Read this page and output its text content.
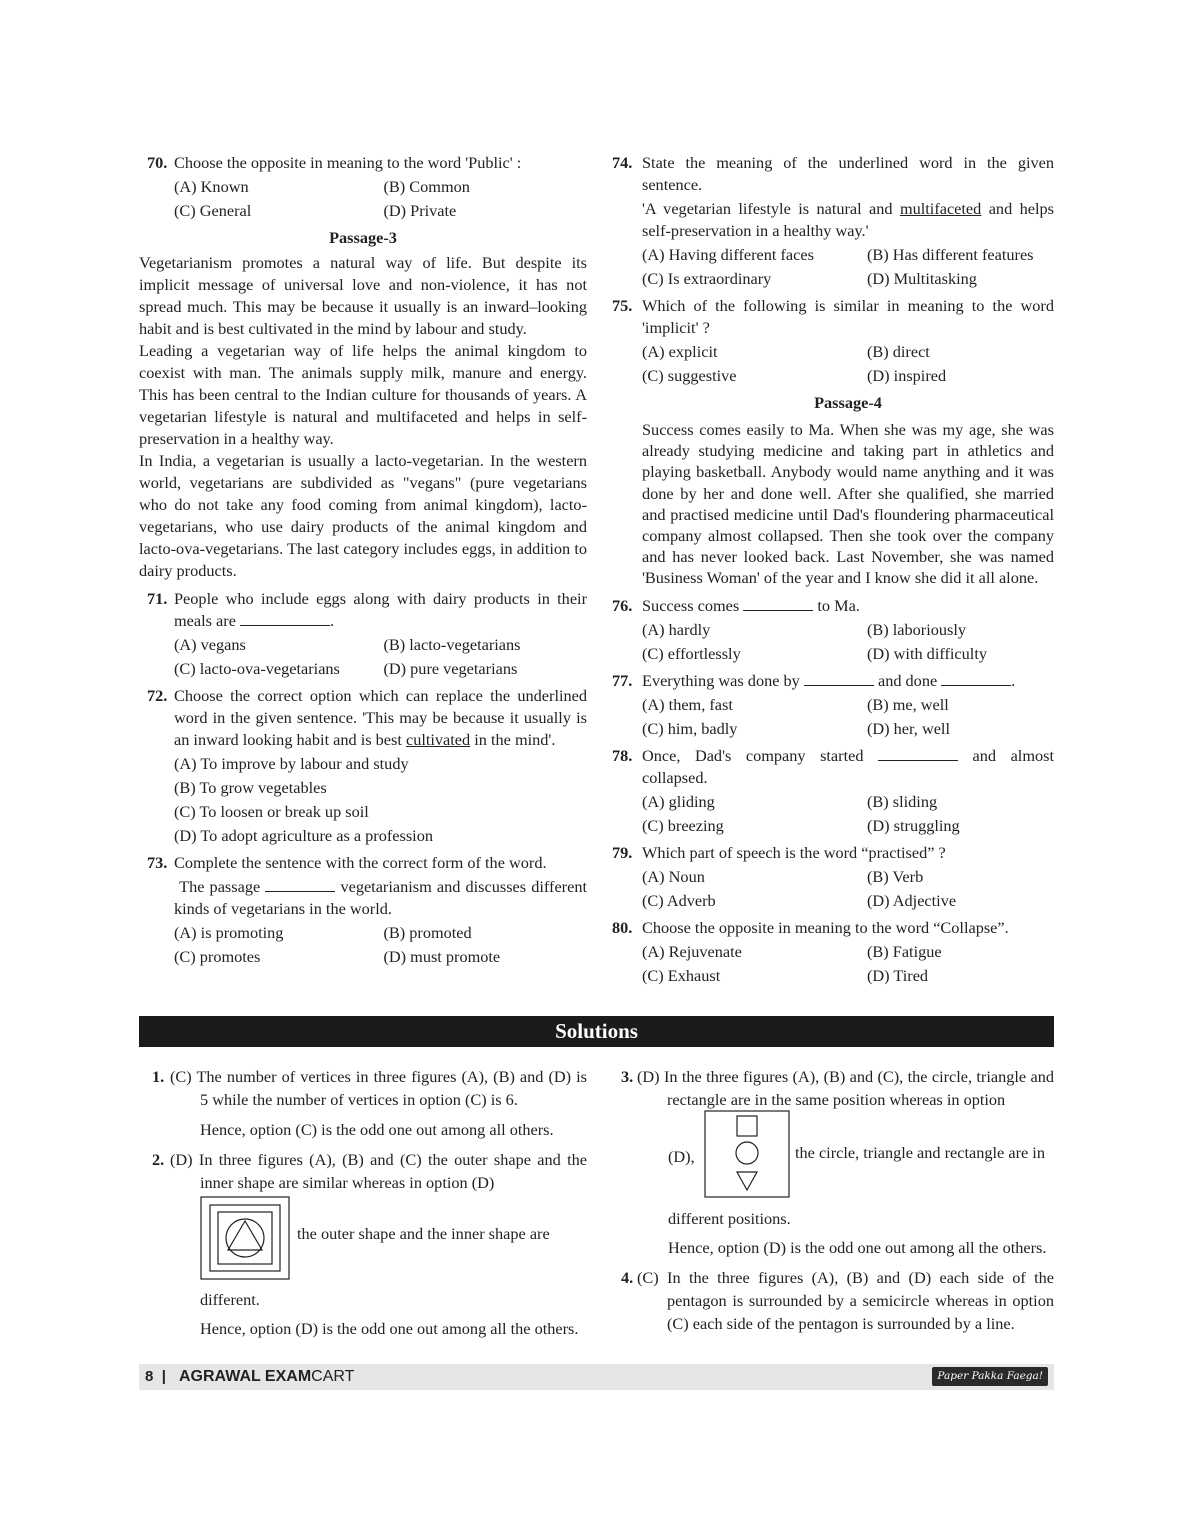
70. Choose the opposite in meaning to the word 'Public' :
(A) Known	(B) Common
(C) General	(D) Private
Passage-3

Vegetarianism promotes a natural way of life. But despite its implicit message of universal love and non-violence, it has not spread much. This may be because it usually is an inward–looking habit and is best cultivated in the mind by labour and study.

Leading a vegetarian way of life helps the animal kingdom to coexist with man. The animals supply milk, manure and energy. This has been central to the Indian culture for thousands of years. A vegetarian lifestyle is natural and multifaceted and helps in self-preservation in a healthy way.

In India, a vegetarian is usually a lacto-vegetarian. In the western world, vegetarians are subdivided as "vegans" (pure vegetarians who do not take any food coming from animal kingdom), lacto-vegetarians, who use dairy products of the animal kingdom and lacto-ova-vegetarians. The last category includes eggs, in addition to dairy products.

71. People who include eggs along with dairy products in their meals are	.
(A) vegans	(B) lacto-vegetarians
(C) lacto-ova-vegetarians	(D) pure vegetarians
72. Choose the correct option which can replace the underlined word in the given sentence. 'This may be because it usually is an inward looking habit and is best cultivated in the mind'.
(A) To improve by labour and study
(B) To grow vegetables
(C) To loosen or break up soil
(D) To adopt agriculture as a profession
73. Complete the sentence with the correct form of the word.
The passage	vegetarianism and discusses different kinds of vegetarians in the world.
(A) is promoting	(B) promoted
(C) promotes	(D) must promote
74. State the meaning of the underlined word in the given sentence.
'A vegetarian lifestyle is natural and multifaceted and helps self-preservation in a healthy way.'
(A) Having different faces	(B) Has different features
(C) Is extraordinary	(D) Multitasking
75. Which of the following is similar in meaning to the word 'implicit' ?
(A) explicit	(B) direct
(C) suggestive	(D) inspired
Passage-4

Success comes easily to Ma. When she was my age, she was already studying medicine and taking part in athletics and playing basketball. Anybody would name anything and it was done by her and done well. After she qualified, she married and practised medicine until Dad's floundering pharmaceutical company almost collapsed. Then she took over the company and has never looked back. Last November, she was named 'Business Woman' of the year and I know she did it all alone.

76. Success comes	to Ma.
(A) hardly	(B) laboriously
(C) effortlessly	(D) with difficulty
77. Everything was done by	and done	.
(A) them, fast	(B) me, well
(C) him, badly	(D) her, well
78. Once, Dad's company started	and almost collapsed.
(A) gliding	(B) sliding
(C) breezing	(D) struggling
79. Which part of speech is the word “practised” ?
(A) Noun	(B) Verb
(C) Adverb	(D) Adjective
80. Choose the opposite in meaning to the word “Collapse”.
(A) Rejuvenate	(B) Fatigue
(C) Exhaust	(D) Tired
Solutions
1. (C) The number of vertices in three figures (A), (B) and (D) is 5 while the number of vertices in option (C) is 6.
Hence, option (C) is the odd one out among all others.
2. (D) In three figures (A), (B) and (C) the outer shape and the inner shape are similar whereas in option (D)
the outer shape and the inner shape are
different.
Hence, option (D) is the odd one out among all the others.
3. (D) In the three figures (A), (B) and (C), the circle, triangle and rectangle are in the same position whereas in option
(D),	the circle, triangle and rectangle are in
different positions.
Hence, option (D) is the odd one out among all the others.
4. (C) In the three figures (A), (B) and (D) each side of the pentagon is surrounded by a semicircle whereas in option (C) each side of the pentagon is surrounded by a line.
8 | AGRAWAL EXAMCART	Paper Pakka Faega!
